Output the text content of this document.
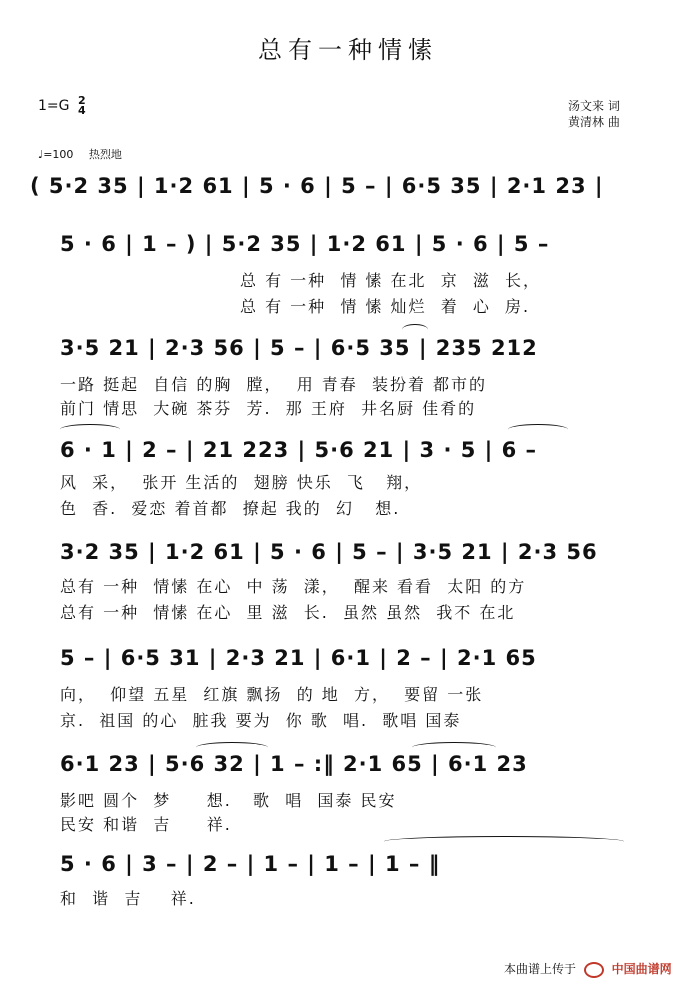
总有一种情愫
1=G 2
4	汤文来 词
黄清林 曲
♩=100 热烈地
( 5·2 35 | 1·2 61 | 5 · 6 | 5 – | 6·5 35 | 2·1 23 |
5 · 6 | 1 – ) | 5·2 35 | 1·2 61 | 5 · 6 | 5 –
总 有 一种  情 愫 在北  京  滋  长，
总 有 一种  情 愫 灿烂  着  心  房.
3·5 21 | 2·3 56 | 5 – | 6·5 35 | 235 212
一路 挺起  自信 的胸  膛，  用 青春  装扮着 都市的
前门 情思  大碗 茶芬  芳.  那 王府  井名厨 佳肴的
6 · 1 | 2 – | 21 223 | 5·6 21 | 3 · 5 | 6 –
风  采，  张开 生活的  翅膀 快乐  飞   翔，
色  香.  爱恋 着首都  撩起 我的  幻   想.
3·2 35 | 1·2 61 | 5 · 6 | 5 – | 3·5 21 | 2·3 56
总有 一种  情愫 在心  中 荡  漾，  醒来 看看  太阳 的方
总有 一种  情愫 在心  里 滋  长.  虽然 虽然  我不 在北
5 – | 6·5 31 | 2·3 21 | 6·1 | 2 – | 2·1 65
向，  仰望 五星  红旗 飘扬  的 地  方，  要留 一张
京.  祖国 的心  脏我 要为  你 歌  唱.  歌唱 国泰
6·1 23 | 5·6 32 | 1 – :‖ 2·1 65 | 6·1 23
影吧 圆个  梦     想.   歌  唱  国泰 民安
民安 和谐  吉     祥.
5 · 6 | 3 – | 2 – | 1 – | 1 – | 1 – ‖
和  谐  吉    祥.
本曲谱上传于	中国曲谱网
